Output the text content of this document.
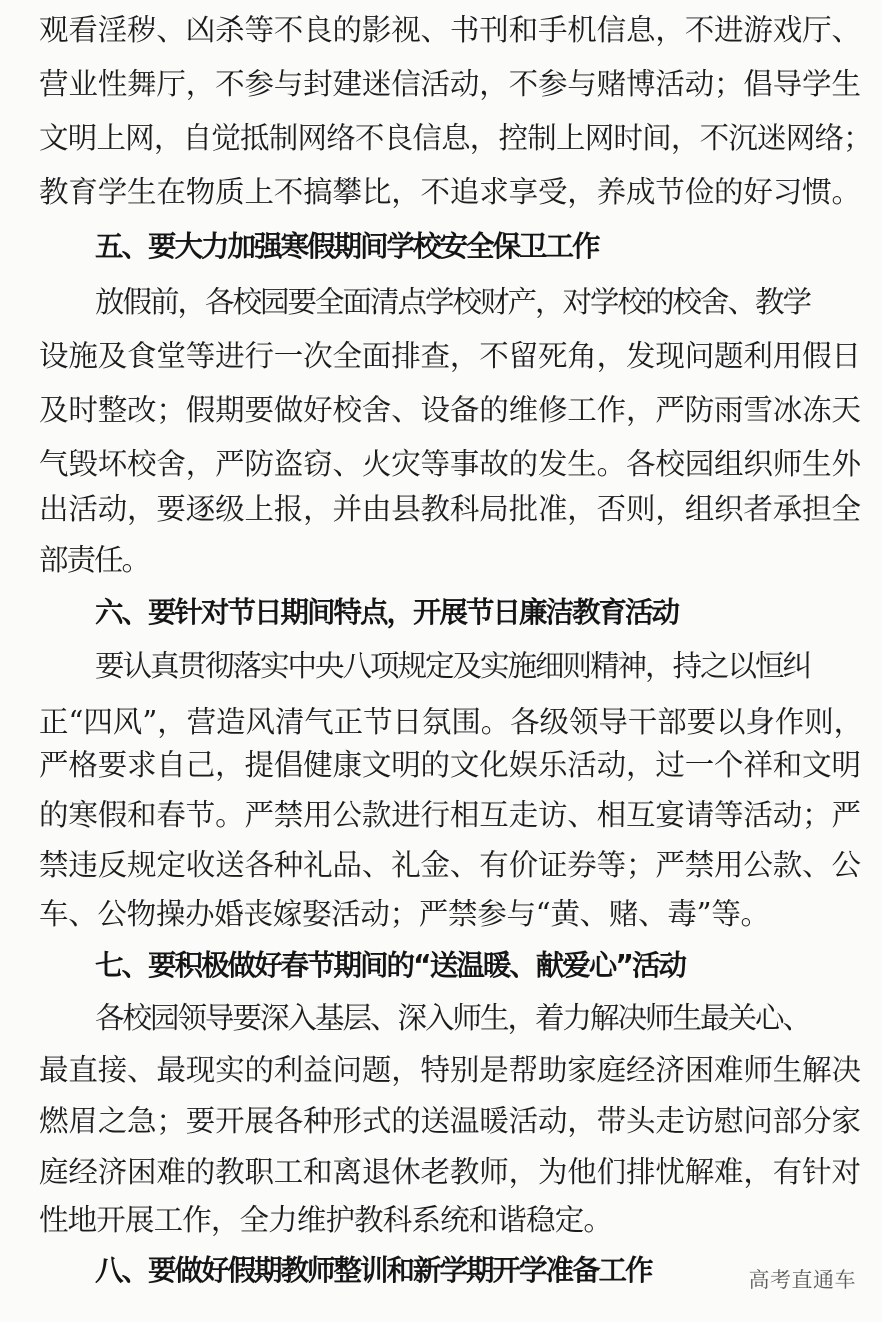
观看淫秽、凶杀等不良的影视、书刊和手机信息，不进游戏厅、
营业性舞厅，不参与封建迷信活动，不参与赌博活动；倡导学生
文明上网，自觉抵制网络不良信息，控制上网时间，不沉迷网络；
教育学生在物质上不搞攀比，不追求享受，养成节俭的好习惯。
五、要大力加强寒假期间学校安全保卫工作
放假前，各校园要全面清点学校财产，对学校的校舍、教学
设施及食堂等进行一次全面排查，不留死角，发现问题利用假日
及时整改；假期要做好校舍、设备的维修工作，严防雨雪冰冻天
气毁坏校舍，严防盗窃、火灾等事故的发生。各校园组织师生外
出活动，要逐级上报，并由县教科局批准，否则，组织者承担全
部责任。
六、要针对节日期间特点，开展节日廉洁教育活动
要认真贯彻落实中央八项规定及实施细则精神，持之以恒纠
正“四风”，营造风清气正节日氛围。各级领导干部要以身作则，
严格要求自己，提倡健康文明的文化娱乐活动，过一个祥和文明
的寒假和春节。严禁用公款进行相互走访、相互宴请等活动；严
禁违反规定收送各种礼品、礼金、有价证券等；严禁用公款、公
车、公物操办婚丧嫁娶活动；严禁参与“黄、赌、毒”等。
七、要积极做好春节期间的“送温暖、献爱心”活动
各校园领导要深入基层、深入师生，着力解决师生最关心、
最直接、最现实的利益问题，特别是帮助家庭经济困难师生解决
燃眉之急；要开展各种形式的送温暖活动，带头走访慰问部分家
庭经济困难的教职工和离退休老教师，为他们排忧解难，有针对
性地开展工作，全力维护教科系统和谐稳定。
八、要做好假期教师整训和新学期开学准备工作	高考直通车
